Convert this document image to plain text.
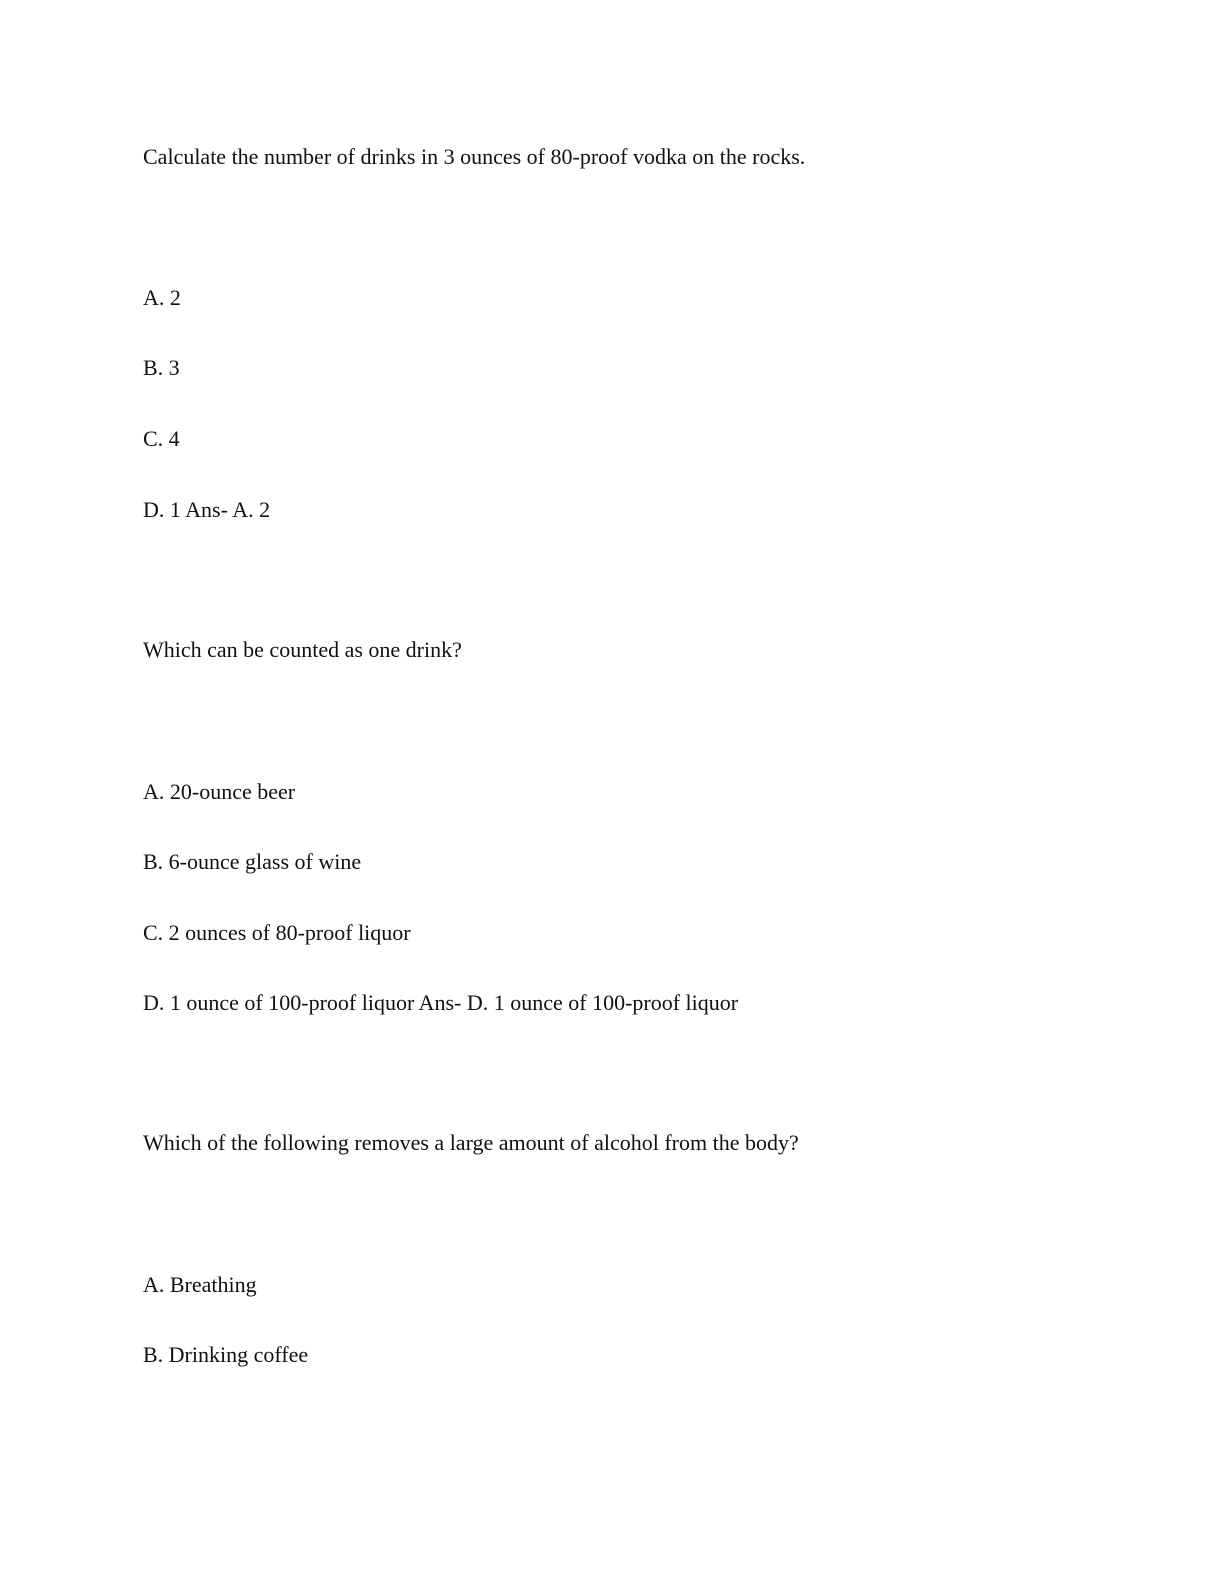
Calculate the number of drinks in 3 ounces of 80-proof vodka on the rocks.
A. 2
B. 3
C. 4
D. 1 Ans- A. 2
Which can be counted as one drink?
A. 20-ounce beer
B. 6-ounce glass of wine
C. 2 ounces of 80-proof liquor
D. 1 ounce of 100-proof liquor Ans- D. 1 ounce of 100-proof liquor
Which of the following removes a large amount of alcohol from the body?
A. Breathing
B. Drinking coffee
